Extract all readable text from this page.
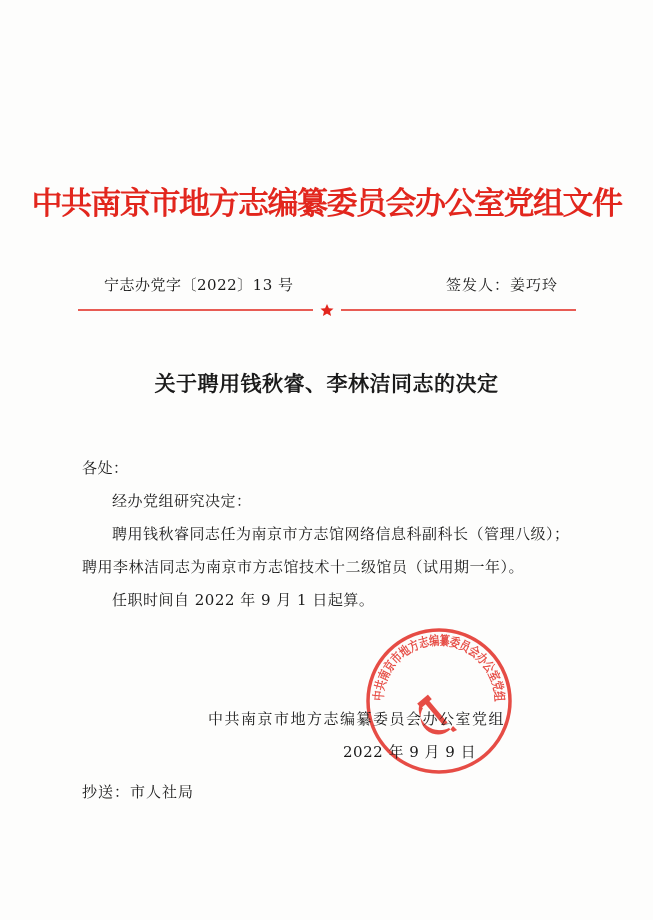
中共南京市地方志编纂委员会办公室党组文件
宁志办党字〔2022〕13 号	签发人：姜巧玲
关于聘用钱秋睿、李林洁同志的决定

各处：

经办党组研究决定：

聘用钱秋睿同志任为南京市方志馆网络信息科副科长（管理八级）；聘用李林洁同志为南京市方志馆技术十二级馆员（试用期一年）。

任职时间自 2022 年 9 月 1 日起算。

中共南京市地方志编纂委员会办公室党组
中共南京市地方志编纂委员会办公室党组
2022 年 9 月 9 日
抄送：市人社局
